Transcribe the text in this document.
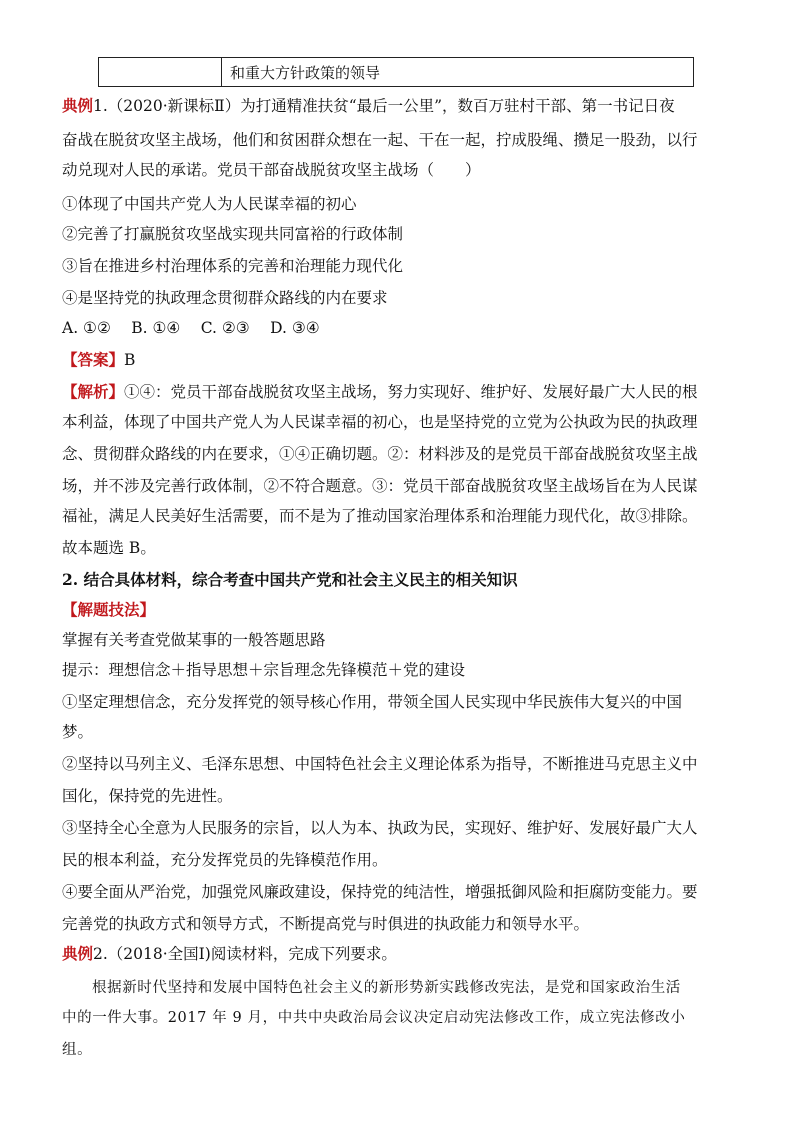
和重大方针政策的领导
典例1.（2020·新课标Ⅱ）为打通精准扶贫“最后一公里”，数百万驻村干部、第一书记日夜
奋战在脱贫攻坚主战场，他们和贫困群众想在一起、干在一起，拧成股绳、攒足一股劲，以行
动兑现对人民的承诺。党员干部奋战脱贫攻坚主战场（　　）
①体现了中国共产党人为人民谋幸福的初心
②完善了打赢脱贫攻坚战实现共同富裕的行政体制
③旨在推进乡村治理体系的完善和治理能力现代化
④是坚持党的执政理念贯彻群众路线的内在要求
A. ①②　 B. ①④　 C. ②③　 D. ③④
【答案】B
【解析】①④：党员干部奋战脱贫攻坚主战场，努力实现好、维护好、发展好最广大人民的根
本利益，体现了中国共产党人为人民谋幸福的初心，也是坚持党的立党为公执政为民的执政理
念、贯彻群众路线的内在要求，①④正确切题。②：材料涉及的是党员干部奋战脱贫攻坚主战
场，并不涉及完善行政体制，②不符合题意。③：党员干部奋战脱贫攻坚主战场旨在为人民谋
福祉，满足人民美好生活需要，而不是为了推动国家治理体系和治理能力现代化，故③排除。
故本题选 B。
2. 结合具体材料，综合考查中国共产党和社会主义民主的相关知识
【解题技法】
掌握有关考查党做某事的一般答题思路
提示：理想信念＋指导思想＋宗旨理念先锋模范＋党的建设
①坚定理想信念，充分发挥党的领导核心作用，带领全国人民实现中华民族伟大复兴的中国
梦。
②坚持以马列主义、毛泽东思想、中国特色社会主义理论体系为指导，不断推进马克思主义中
国化，保持党的先进性。
③坚持全心全意为人民服务的宗旨，以人为本、执政为民，实现好、维护好、发展好最广大人
民的根本利益，充分发挥党员的先锋模范作用。
④要全面从严治党，加强党风廉政建设，保持党的纯洁性，增强抵御风险和拒腐防变能力。要
完善党的执政方式和领导方式，不断提高党与时俱进的执政能力和领导水平。
典例2.（2018·全国Ⅰ)阅读材料，完成下列要求。
根据新时代坚持和发展中国特色社会主义的新形势新实践修改宪法，是党和国家政治生活
中的一件大事。2017 年 9 月，中共中央政治局会议决定启动宪法修改工作，成立宪法修改小
组。
